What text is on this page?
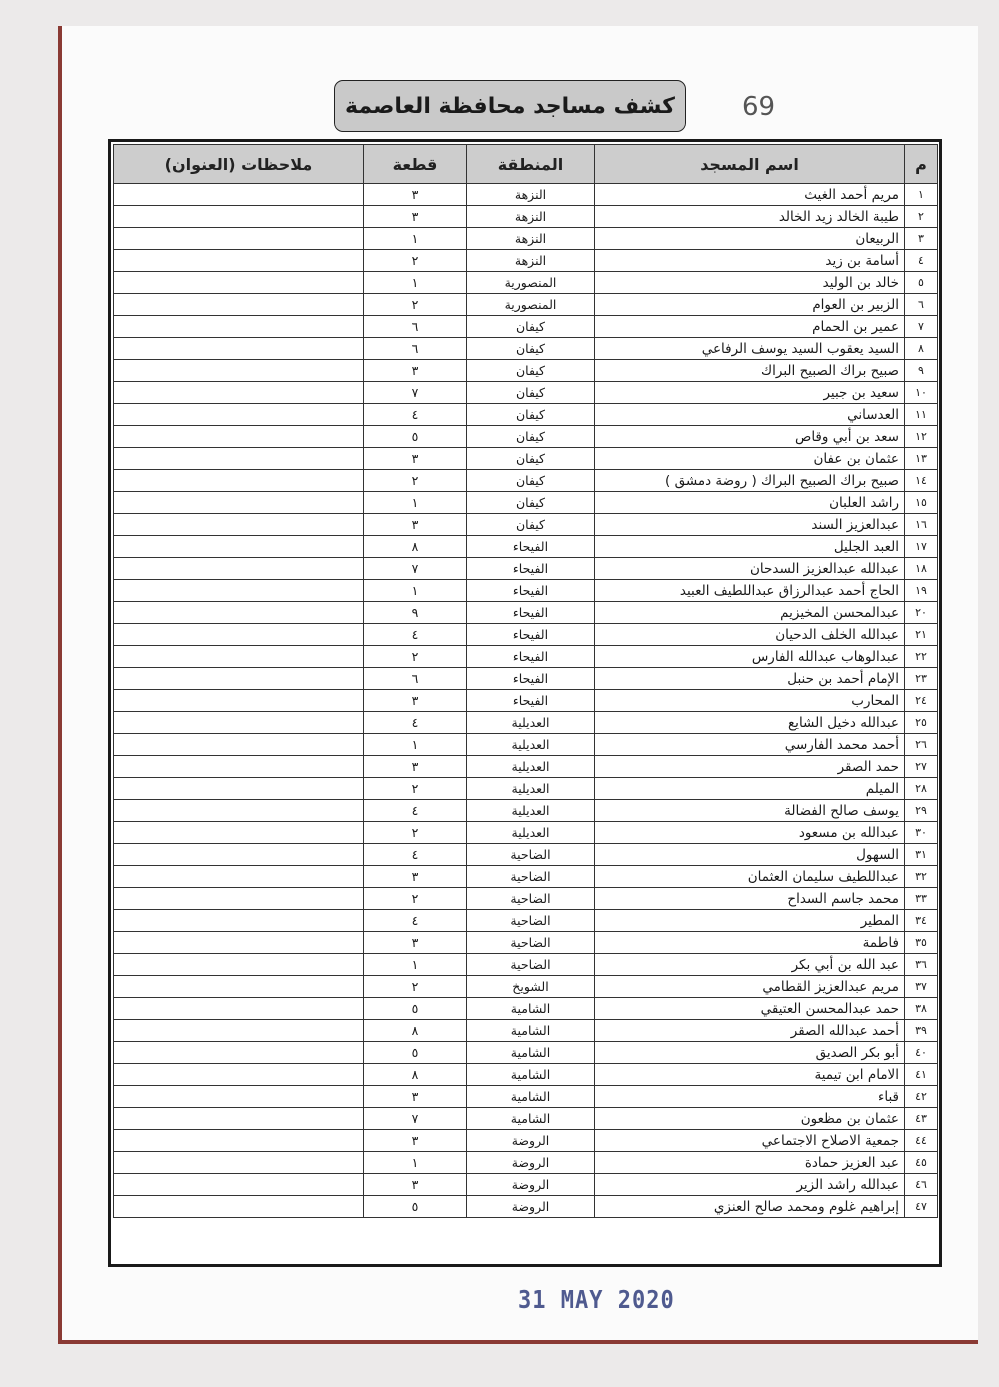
كشف مساجد محافظة العاصمة	69
م	اسم المسجد	المنطقة	قطعة	ملاحظات (العنوان)
١	مريم أحمد الغيث	النزهة	٣	
٢	طيبة الخالد زيد الخالد	النزهة	٣	
٣	الربيعان	النزهة	١	
٤	أسامة بن زيد	النزهة	٢	
٥	خالد بن الوليد	المنصورية	١	
٦	الزبير بن العوام	المنصورية	٢	
٧	عمير بن الحمام	كيفان	٦	
٨	السيد يعقوب السيد يوسف الرفاعي	كيفان	٦	
٩	صبيح براك الصبيح البراك	كيفان	٣	
١٠	سعيد بن جبير	كيفان	٧	
١١	العدساني	كيفان	٤	
١٢	سعد بن أبي وقاص	كيفان	٥	
١٣	عثمان بن عفان	كيفان	٣	
١٤	صبيح براك الصبيح البراك ( روضة دمشق )	كيفان	٢	
١٥	راشد العلبان	كيفان	١	
١٦	عبدالعزيز السند	كيفان	٣	
١٧	العبد الجليل	الفيحاء	٨	
١٨	عبدالله عبدالعزيز السدحان	الفيحاء	٧	
١٩	الحاج أحمد عبدالرزاق عبداللطيف العبيد	الفيحاء	١	
٢٠	عبدالمحسن المخيزيم	الفيحاء	٩	
٢١	عبدالله الخلف الدحيان	الفيحاء	٤	
٢٢	عبدالوهاب عبدالله الفارس	الفيحاء	٢	
٢٣	الإمام أحمد بن حنبل	الفيحاء	٦	
٢٤	المحارب	الفيحاء	٣	
٢٥	عبدالله دخيل الشايع	العديلية	٤	
٢٦	أحمد محمد الفارسي	العديلية	١	
٢٧	حمد الصقر	العديلية	٣	
٢٨	الميلم	العديلية	٢	
٢٩	يوسف صالح الفضالة	العديلية	٤	
٣٠	عبدالله بن مسعود	العديلية	٢	
٣١	السهول	الضاحية	٤	
٣٢	عبداللطيف سليمان العثمان	الضاحية	٣	
٣٣	محمد جاسم السداح	الضاحية	٢	
٣٤	المطير	الضاحية	٤	
٣٥	فاطمة	الضاحية	٣	
٣٦	عبد الله بن أبي بكر	الضاحية	١	
٣٧	مريم عبدالعزيز القطامي	الشويخ	٢	
٣٨	حمد عبدالمحسن العتيقي	الشامية	٥	
٣٩	أحمد عبدالله الصقر	الشامية	٨	
٤٠	أبو بكر الصديق	الشامية	٥	
٤١	الامام ابن تيمية	الشامية	٨	
٤٢	قباء	الشامية	٣	
٤٣	عثمان بن مظعون	الشامية	٧	
٤٤	جمعية الاصلاح الاجتماعي	الروضة	٣	
٤٥	عبد العزيز حمادة	الروضة	١	
٤٦	عبدالله راشد الزير	الروضة	٣	
٤٧	إبراهيم غلوم ومحمد صالح العنزي	الروضة	٥	
31 MAY 2020
